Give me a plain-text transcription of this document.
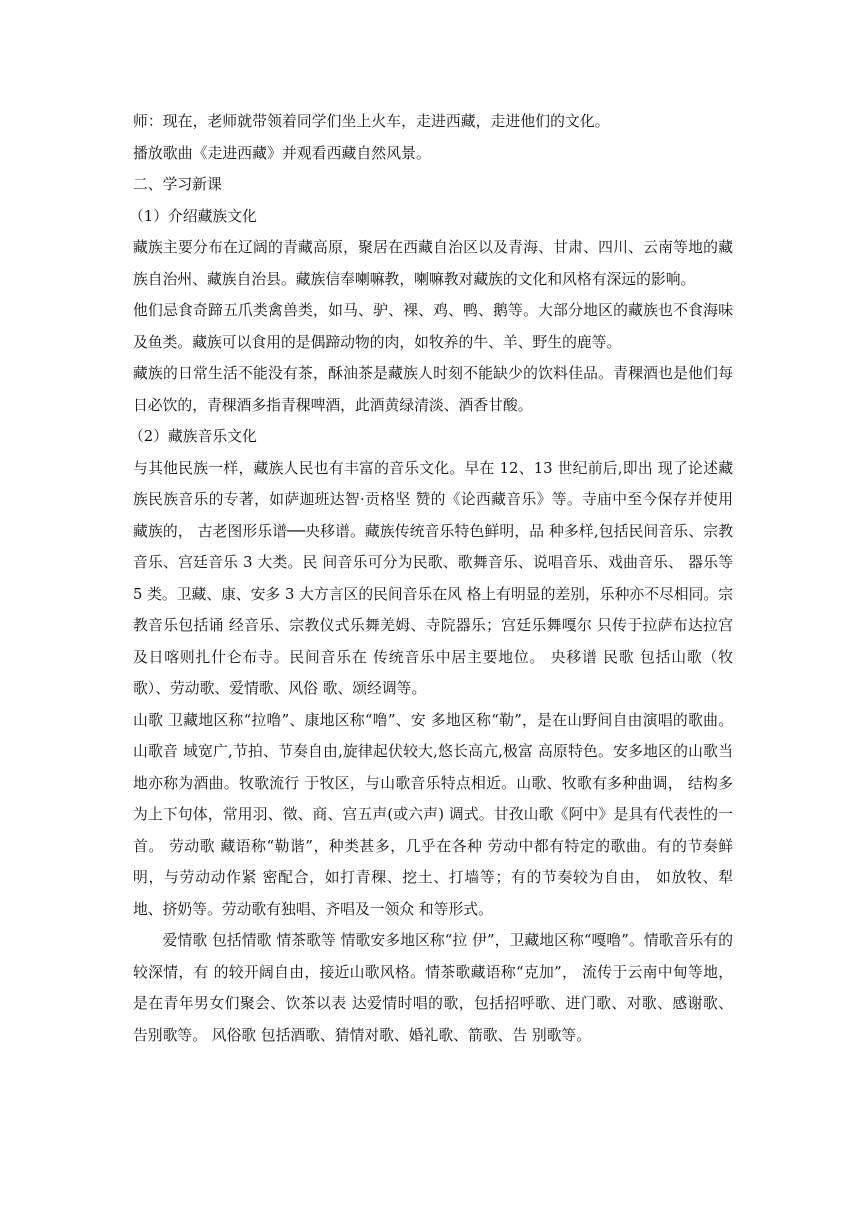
师：现在，老师就带领着同学们坐上火车，走进西藏，走进他们的文化。

播放歌曲《走进西藏》并观看西藏自然风景。

二、学习新课

（1）介绍藏族文化

藏族主要分布在辽阔的青藏高原，聚居在西藏自治区以及青海、甘肃、四川、云南等地的藏族自治州、藏族自治县。藏族信奉喇嘛教，喇嘛教对藏族的文化和风格有深远的影响。

他们忌食奇蹄五爪类禽兽类，如马、驴、裸、鸡、鸭、鹅等。大部分地区的藏族也不食海味及鱼类。藏族可以食用的是偶蹄动物的肉，如牧养的牛、羊、野生的鹿等。

藏族的日常生活不能没有茶，酥油茶是藏族人时刻不能缺少的饮料佳品。青稞酒也是他们每日必饮的，青稞酒多指青稞啤酒，此酒黄绿清淡、酒香甘酸。

（2）藏族音乐文化

与其他民族一样，藏族人民也有丰富的音乐文化。早在 12、13 世纪前后,即出 现了论述藏族民族音乐的专著，如萨迦班达智·贡格坚 赞的《论西藏音乐》等。寺庙中至今保存并使用藏族的， 古老图形乐谱──央移谱。藏族传统音乐特色鲜明，品 种多样,包括民间音乐、宗教音乐、宫廷音乐 3 大类。民 间音乐可分为民歌、歌舞音乐、说唱音乐、戏曲音乐、 器乐等 5 类。卫藏、康、安多 3 大方言区的民间音乐在风 格上有明显的差别，乐种亦不尽相同。宗教音乐包括诵 经音乐、宗教仪式乐舞羌姆、寺院器乐；宫廷乐舞嘎尔 只传于拉萨布达拉宫及日喀则扎什仑布寺。民间音乐在 传统音乐中居主要地位。 央移谱 民歌 包括山歌（牧歌）、劳动歌、爱情歌、风俗 歌、颂经调等。

山歌 卫藏地区称“拉噜”、康地区称“噜”、安 多地区称“勒”，是在山野间自由演唱的歌曲。山歌音 域宽广,节拍、节奏自由,旋律起伏较大,悠长高亢,极富 高原特色。安多地区的山歌当地亦称为酒曲。牧歌流行 于牧区，与山歌音乐特点相近。山歌、牧歌有多种曲调， 结构多为上下句体，常用羽、徵、商、宫五声(或六声) 调式。甘孜山歌《阿中》是具有代表性的一首。 劳动歌 藏语称“勒谐”，种类甚多，几乎在各种 劳动中都有特定的歌曲。有的节奏鲜明，与劳动动作紧 密配合，如打青稞、挖土、打墙等；有的节奏较为自由， 如放牧、犁地、挤奶等。劳动歌有独唱、齐唱及一领众 和等形式。

爱情歌 包括情歌 情茶歌等 情歌安多地区称“拉 伊”，卫藏地区称“嘎噜”。情歌音乐有的较深情，有 的较开阔自由，接近山歌风格。情茶歌藏语称“克加”， 流传于云南中甸等地，是在青年男女们聚会、饮茶以表 达爱情时唱的歌，包括招呼歌、进门歌、对歌、感谢歌、 告别歌等。 风俗歌 包括酒歌、猜情对歌、婚礼歌、箭歌、告 别歌等。
